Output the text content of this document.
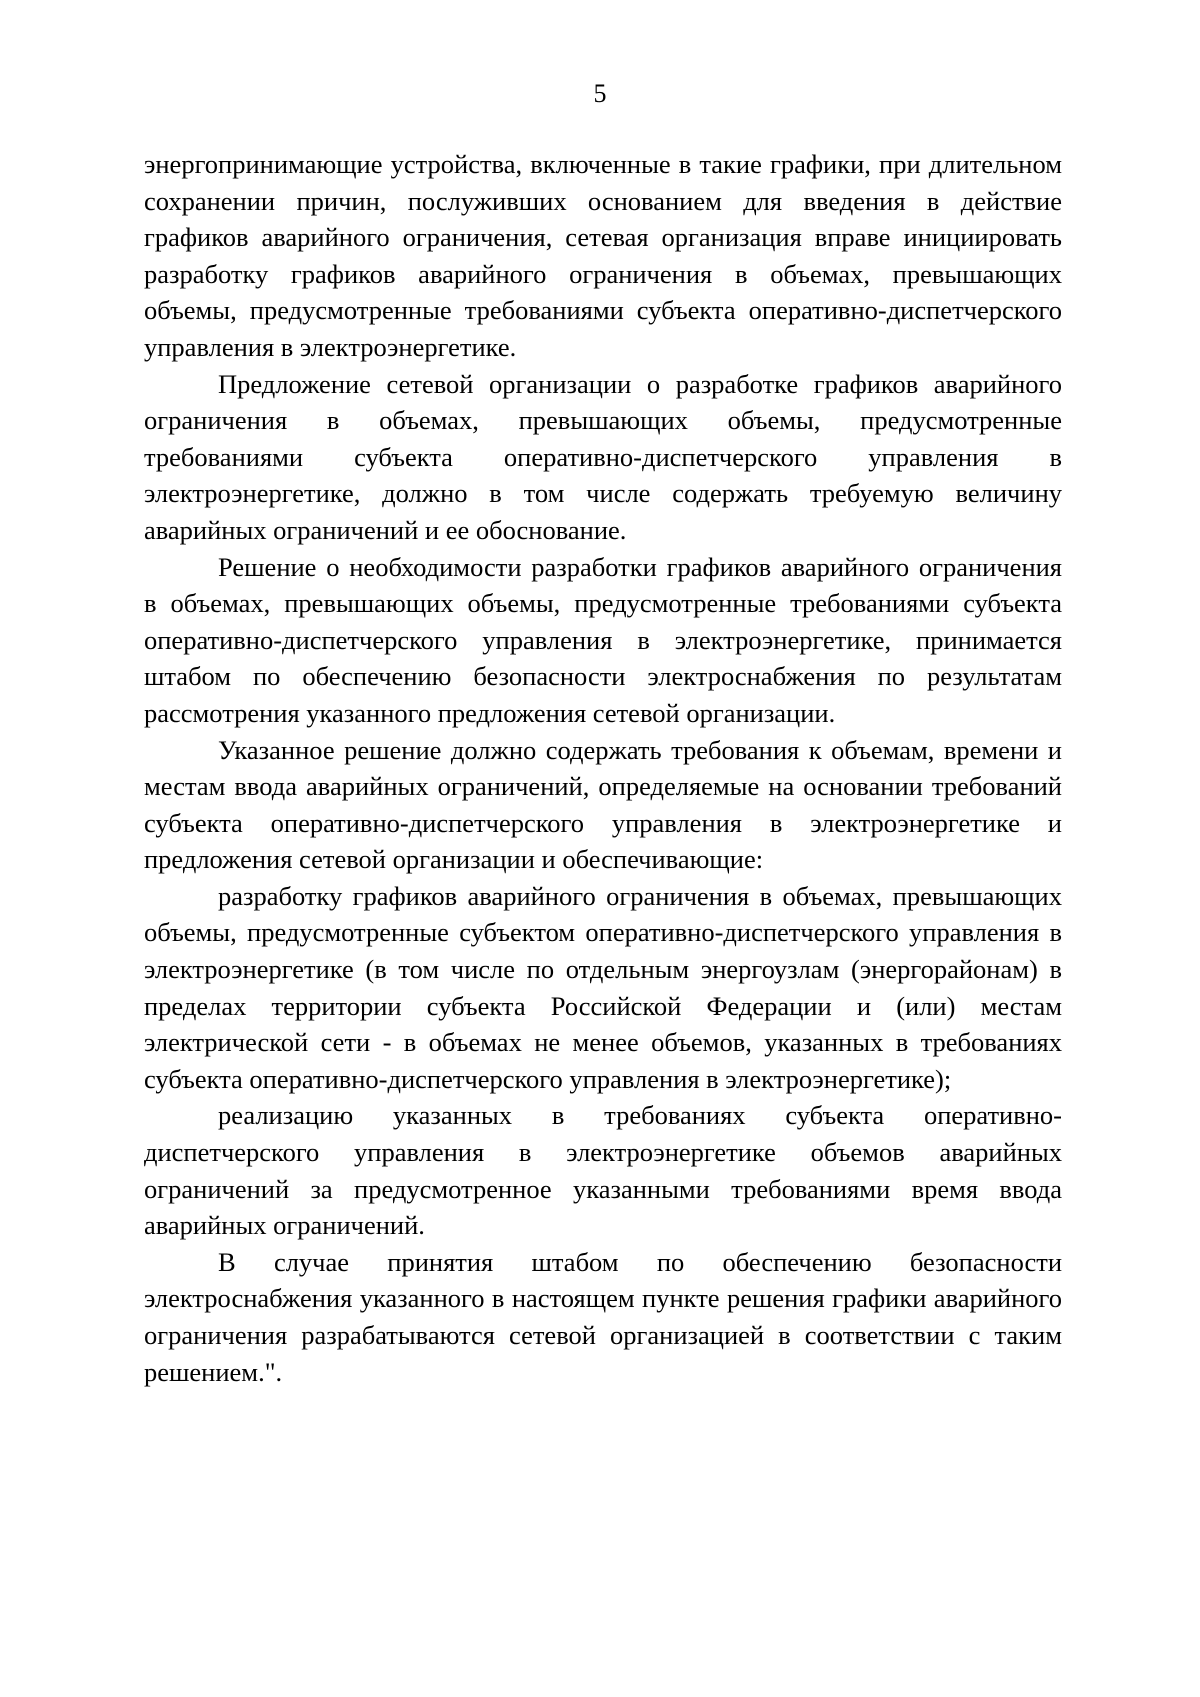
5

энергопринимающие устройства, включенные в такие графики, при длительном сохранении причин, послуживших основанием для введения в действие графиков аварийного ограничения, сетевая организация вправе инициировать разработку графиков аварийного ограничения в объемах, превышающих объемы, предусмотренные требованиями субъекта оперативно-диспетчерского управления в электроэнергетике.

Предложение сетевой организации о разработке графиков аварийного ограничения в объемах, превышающих объемы, предусмотренные требованиями субъекта оперативно-диспетчерского управления в электроэнергетике, должно в том числе содержать требуемую величину аварийных ограничений и ее обоснование.

Решение о необходимости разработки графиков аварийного ограничения в объемах, превышающих объемы, предусмотренные требованиями субъекта оперативно-диспетчерского управления в электроэнергетике, принимается штабом по обеспечению безопасности электроснабжения по результатам рассмотрения указанного предложения сетевой организации.

Указанное решение должно содержать требования к объемам, времени и местам ввода аварийных ограничений, определяемые на основании требований субъекта оперативно-диспетчерского управления в электроэнергетике и предложения сетевой организации и обеспечивающие:

разработку графиков аварийного ограничения в объемах, превышающих объемы, предусмотренные субъектом оперативно-диспетчерского управления в электроэнергетике (в том числе по отдельным энергоузлам (энергорайонам) в пределах территории субъекта Российской Федерации и (или) местам электрической сети - в объемах не менее объемов, указанных в требованиях субъекта оперативно-диспетчерского управления в электроэнергетике);

реализацию указанных в требованиях субъекта оперативно-диспетчерского управления в электроэнергетике объемов аварийных ограничений за предусмотренное указанными требованиями время ввода аварийных ограничений.

В случае принятия штабом по обеспечению безопасности электроснабжения указанного в настоящем пункте решения графики аварийного ограничения разрабатываются сетевой организацией в соответствии с таким решением.".
